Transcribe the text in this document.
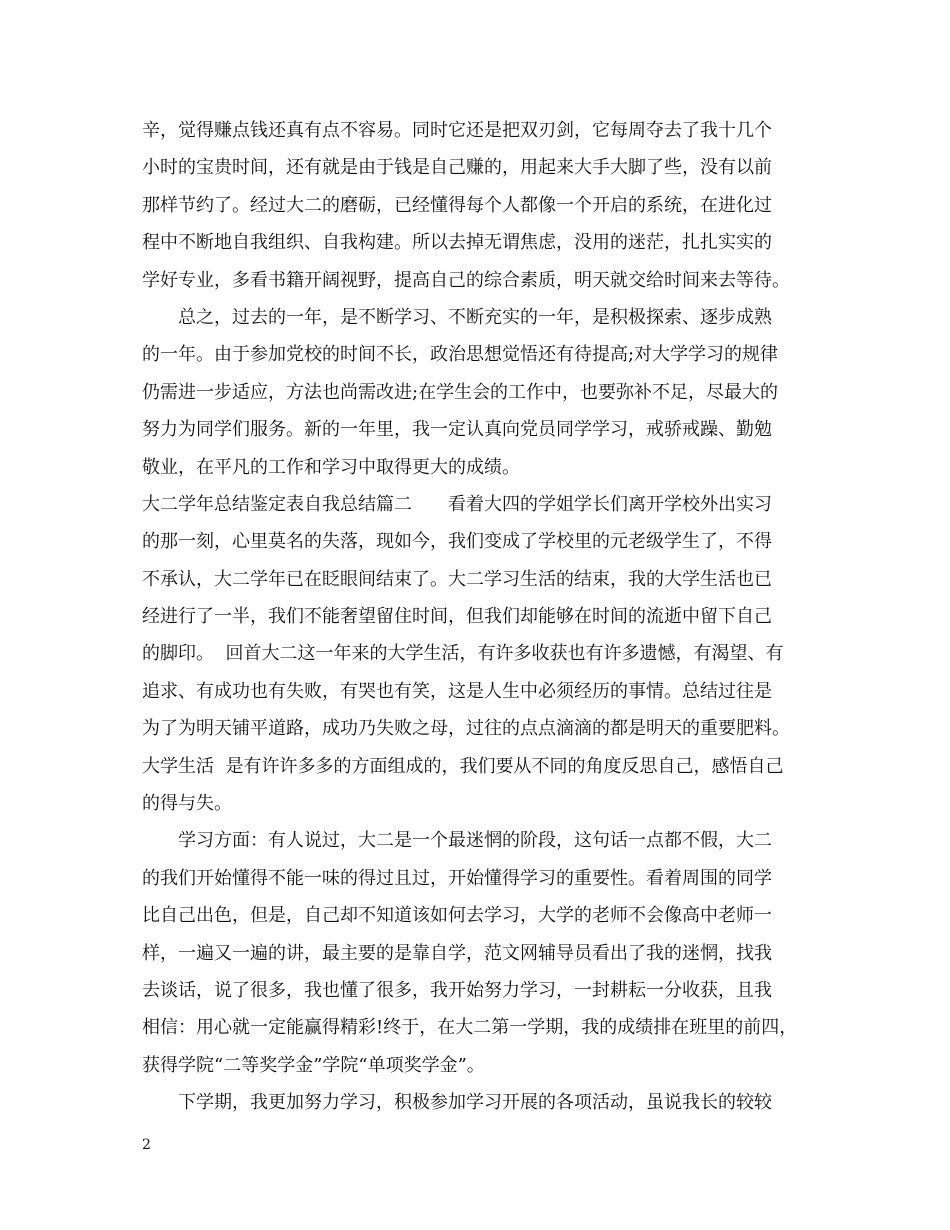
辛，觉得赚点钱还真有点不容易。同时它还是把双刃剑，它每周夺去了我十几个
小时的宝贵时间，还有就是由于钱是自己赚的，用起来大手大脚了些，没有以前
那样节约了。经过大二的磨砺，已经懂得每个人都像一个开启的系统，在进化过
程中不断地自我组织、自我构建。所以去掉无谓焦虑，没用的迷茫，扎扎实实的
学好专业，多看书籍开阔视野，提高自己的综合素质，明天就交给时间来去等待。
总之，过去的一年，是不断学习、不断充实的一年，是积极探索、逐步成熟
的一年。由于参加党校的时间不长，政治思想觉悟还有待提高;对大学学习的规律
仍需进一步适应，方法也尚需改进;在学生会的工作中，也要弥补不足，尽最大的
努力为同学们服务。新的一年里，我一定认真向党员同学学习，戒骄戒躁、勤勉
敬业，在平凡的工作和学习中取得更大的成绩。
大二学年总结鉴定表自我总结篇二 看着大四的学姐学长们离开学校外出实习
的那一刻，心里莫名的失落，现如今，我们变成了学校里的元老级学生了，不得
不承认，大二学年已在眨眼间结束了。大二学习生活的结束，我的大学生活也已
经进行了一半，我们不能奢望留住时间，但我们却能够在时间的流逝中留下自己
的脚印。  回首大二这一年来的大学生活，有许多收获也有许多遗憾，有渴望、有
追求、有成功也有失败，有哭也有笑，这是人生中必须经历的事情。总结过往是
为了为明天铺平道路，成功乃失败之母，过往的点点滴滴的都是明天的重要肥料。
大学生活  是有许许多多的方面组成的，我们要从不同的角度反思自己，感悟自己
的得与失。
学习方面：有人说过，大二是一个最迷惘的阶段，这句话一点都不假，大二
的我们开始懂得不能一味的得过且过，开始懂得学习的重要性。看着周围的同学
比自己出色，但是，自己却不知道该如何去学习，大学的老师不会像高中老师一
样，一遍又一遍的讲，最主要的是靠自学，范文网辅导员看出了我的迷惘，找我
去谈话，说了很多，我也懂了很多，我开始努力学习，一封耕耘一分收获，且我
相信：用心就一定能赢得精彩!终于，在大二第一学期，我的成绩排在班里的前四，
获得学院“二等奖学金”学院“单项奖学金”。
下学期，我更加努力学习，积极参加学习开展的各项活动，虽说我长的较较
2
